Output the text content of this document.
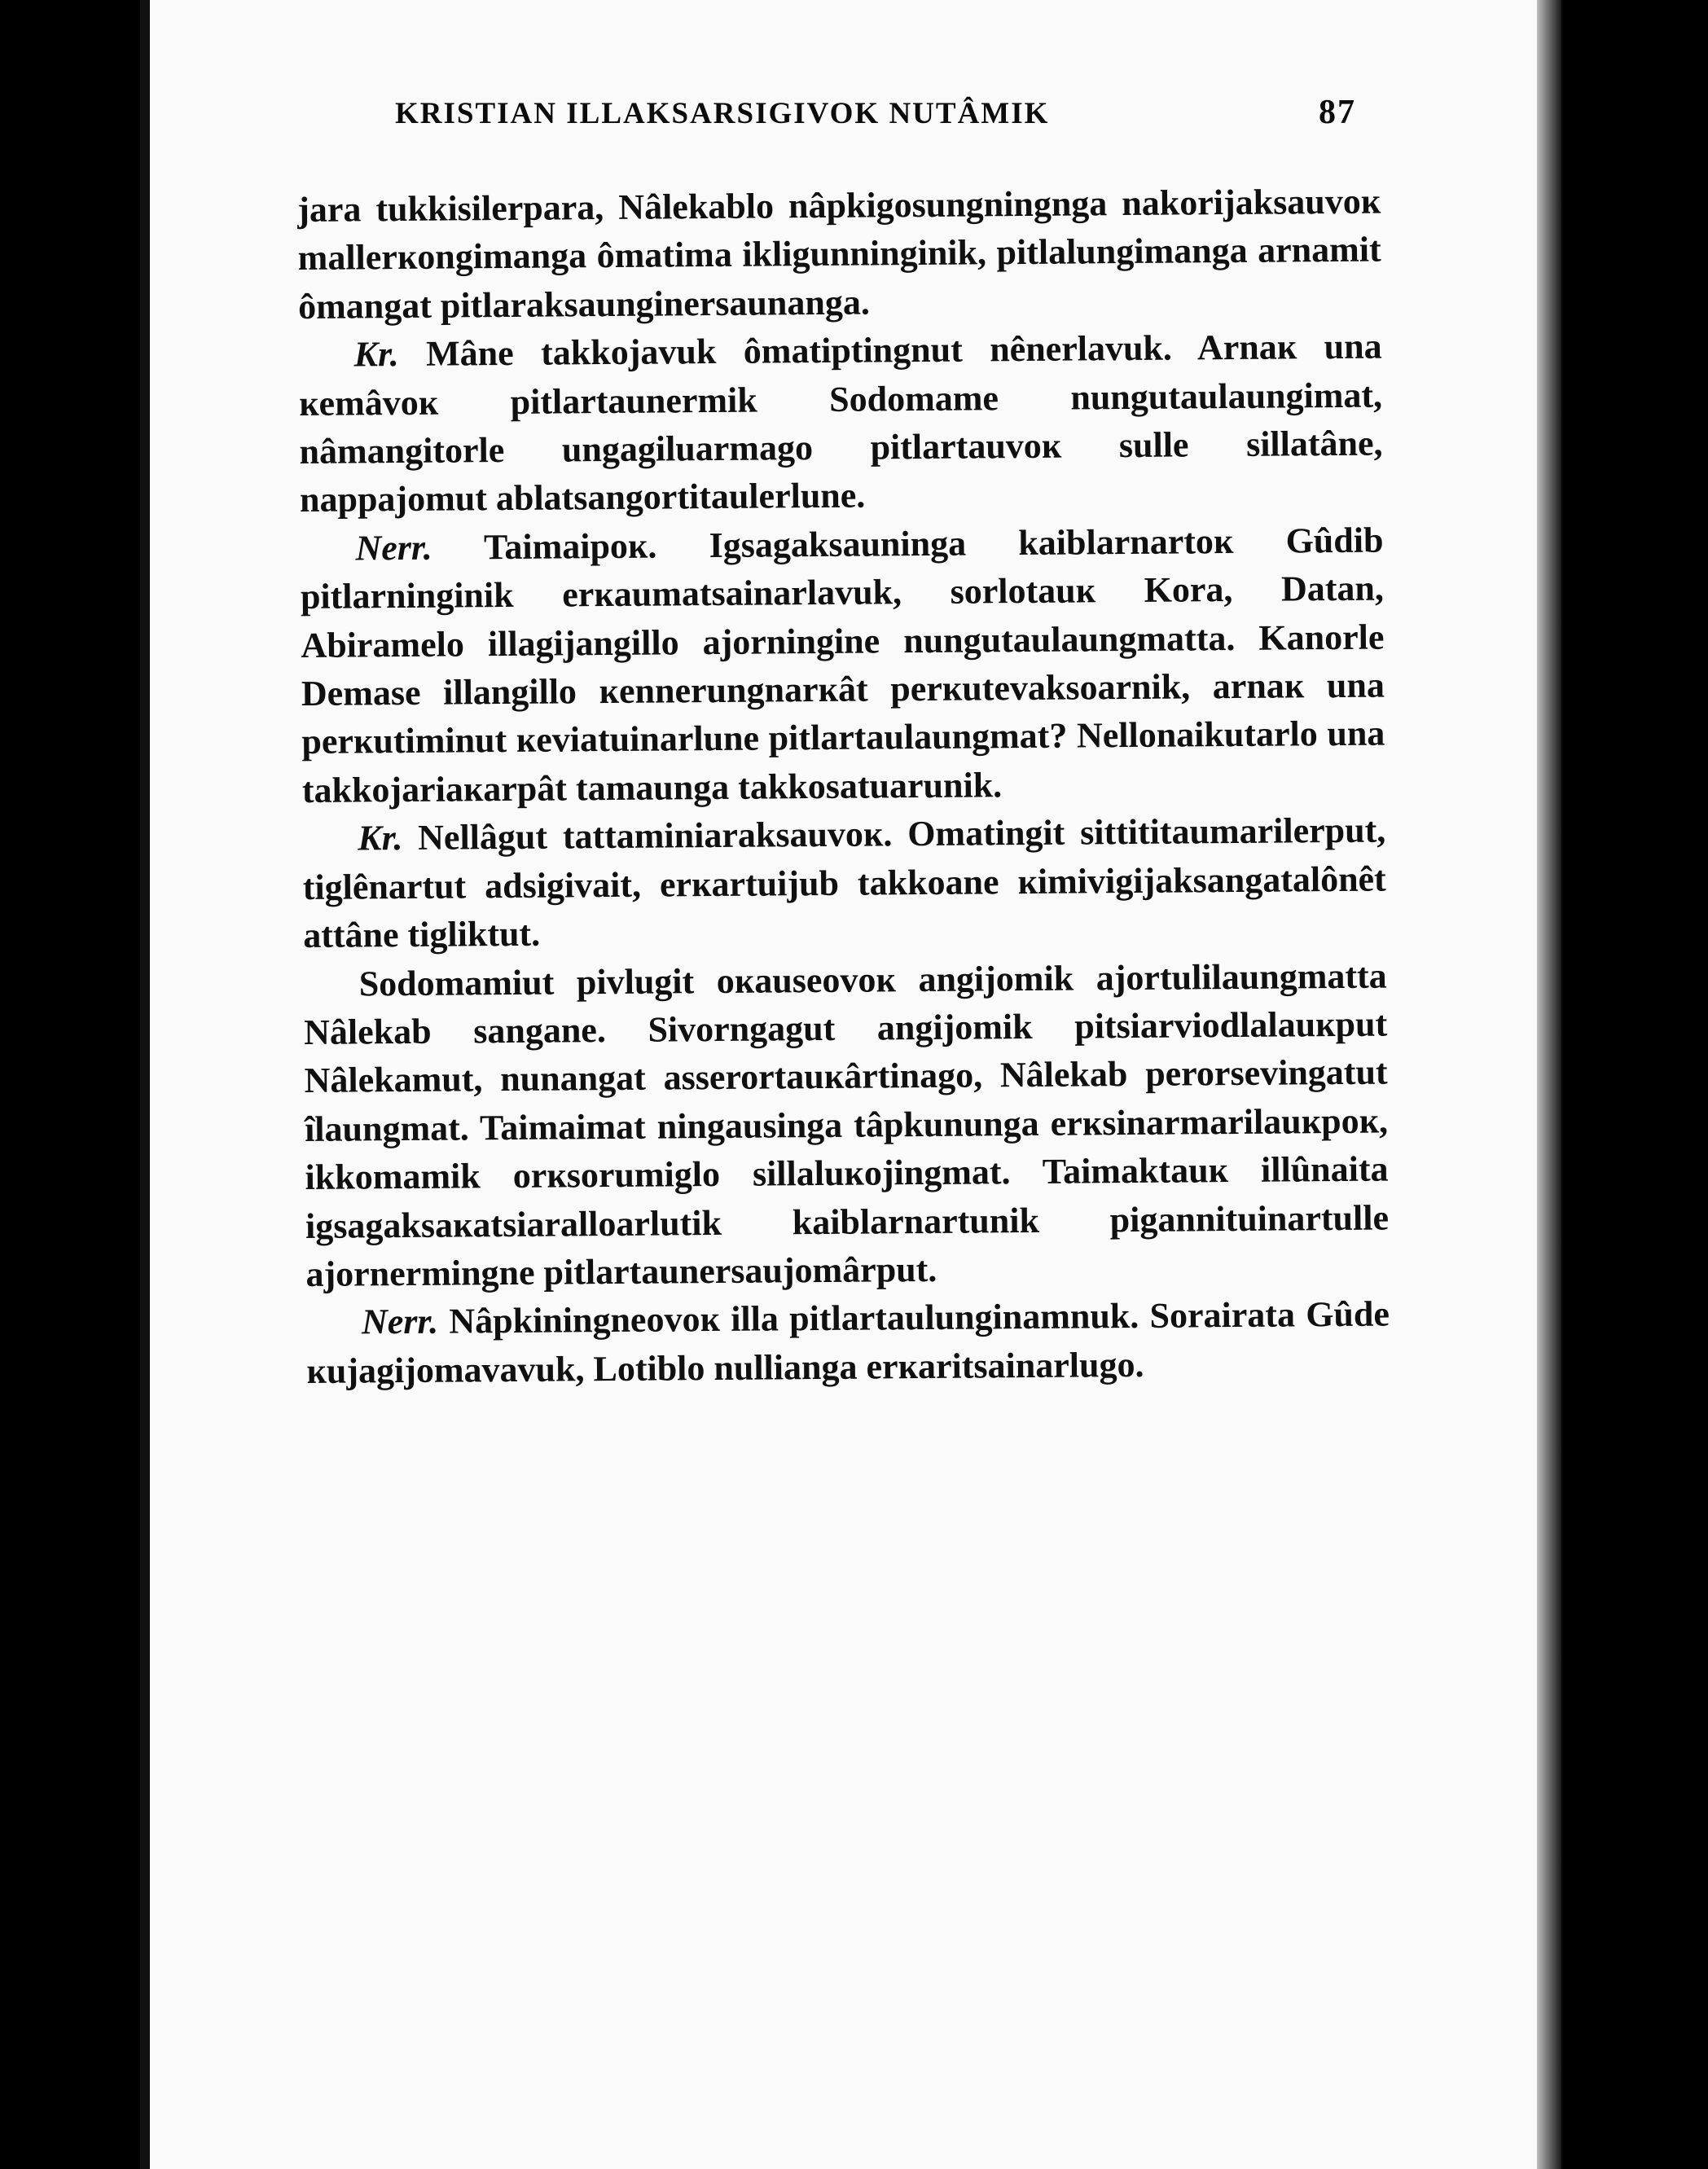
KRISTIAN ILLAKSARSIGIVOK NUTÂMIK	87

jara tukkisilerpara, Nâlekablo nâpkigosungningnga nakorijaksauvoĸ mallerĸongimanga ômatima ikligunninginik, pitlalungimanga arnamit ômangat pitlaraksaunginersaunanga.

Kr. Mâne takkojavuk ômatiptingnut nênerlavuk. Arnaĸ una ĸemâvoĸ pitlartaunermik Sodomame nungutaulaungimat, nâmangitorle ungagiluarmago pitlartauvoĸ sulle sillatâne, nappajomut ablatsangortitaulerlune.

Nerr. Taimaipoĸ. Igsagaksauninga kaiblarnartoĸ Gûdib pitlarninginik erĸaumatsainarlavuk, sorlotauĸ Kora, Datan, Abiramelo illagijangillo ajorningine nungutaulaungmatta. Kanorle Demase illangillo ĸennerungnarĸât perĸutevaksoarnik, arnaĸ una perĸutiminut ĸeviatuinarlune pitlartaulaungmat? Nellonaikutarlo una takkojariaĸarpât tamaunga takkosatuarunik.

Kr. Nellâgut tattaminiaraksauvoĸ. Omatingit sittititaumarilerput, tiglênartut adsigivait, erĸartuijub takkoane ĸimivigijaksangatalônêt attâne tigliktut.

Sodomamiut pivlugit oĸauseovoĸ angijomik ajortulilaungmatta Nâlekab sangane. Sivorngagut angijomik pitsiarviodlalauĸput Nâlekamut, nunangat asserortauĸârtinago, Nâlekab perorsevingatut îlaungmat. Taimaimat ningausinga tâpkununga erĸsinarmarilauĸpoĸ, ikkomamik orĸsorumiglo sillaluĸojingmat. Taimaktauĸ illûnaita igsagaksaĸatsiaralloarlutik kaiblarnartunik pigannituinartulle ajornermingne pitlartaunersaujomârput.

Nerr. Nâpkiningneovoĸ illa pitlartaulunginamnuk. Sorairata Gûde ĸujagijomavavuk, Lotiblo nullianga erĸaritsainarlugo.
